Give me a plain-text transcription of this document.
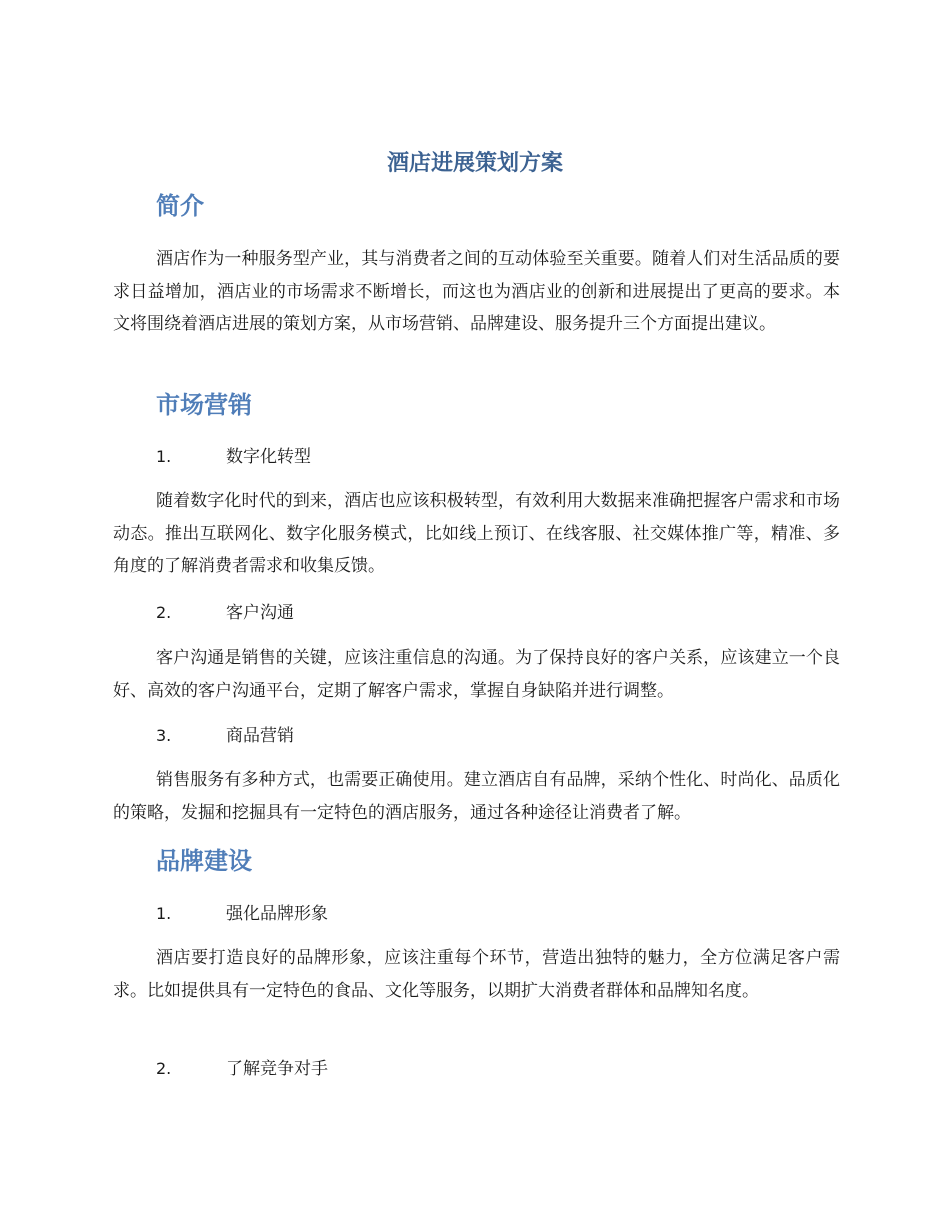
酒店进展策划方案
简介

酒店作为一种服务型产业，其与消费者之间的互动体验至关重要。随着人们对生活品质的要求日益增加，酒店业的市场需求不断增长，而这也为酒店业的创新和进展提出了更高的要求。本文将围绕着酒店进展的策划方案，从市场营销、品牌建设、服务提升三个方面提出建议。

市场营销
1.	数字化转型

随着数字化时代的到来，酒店也应该积极转型，有效利用大数据来准确把握客户需求和市场动态。推出互联网化、数字化服务模式，比如线上预订、在线客服、社交媒体推广等，精准、多角度的了解消费者需求和收集反馈。

2.	客户沟通

客户沟通是销售的关键，应该注重信息的沟通。为了保持良好的客户关系，应该建立一个良好、高效的客户沟通平台，定期了解客户需求，掌握自身缺陷并进行调整。

3.	商品营销

销售服务有多种方式，也需要正确使用。建立酒店自有品牌，采纳个性化、时尚化、品质化的策略，发掘和挖掘具有一定特色的酒店服务，通过各种途径让消费者了解。

品牌建设
1.	强化品牌形象

酒店要打造良好的品牌形象，应该注重每个环节，营造出独特的魅力，全方位满足客户需求。比如提供具有一定特色的食品、文化等服务，以期扩大消费者群体和品牌知名度。

2.	了解竞争对手
